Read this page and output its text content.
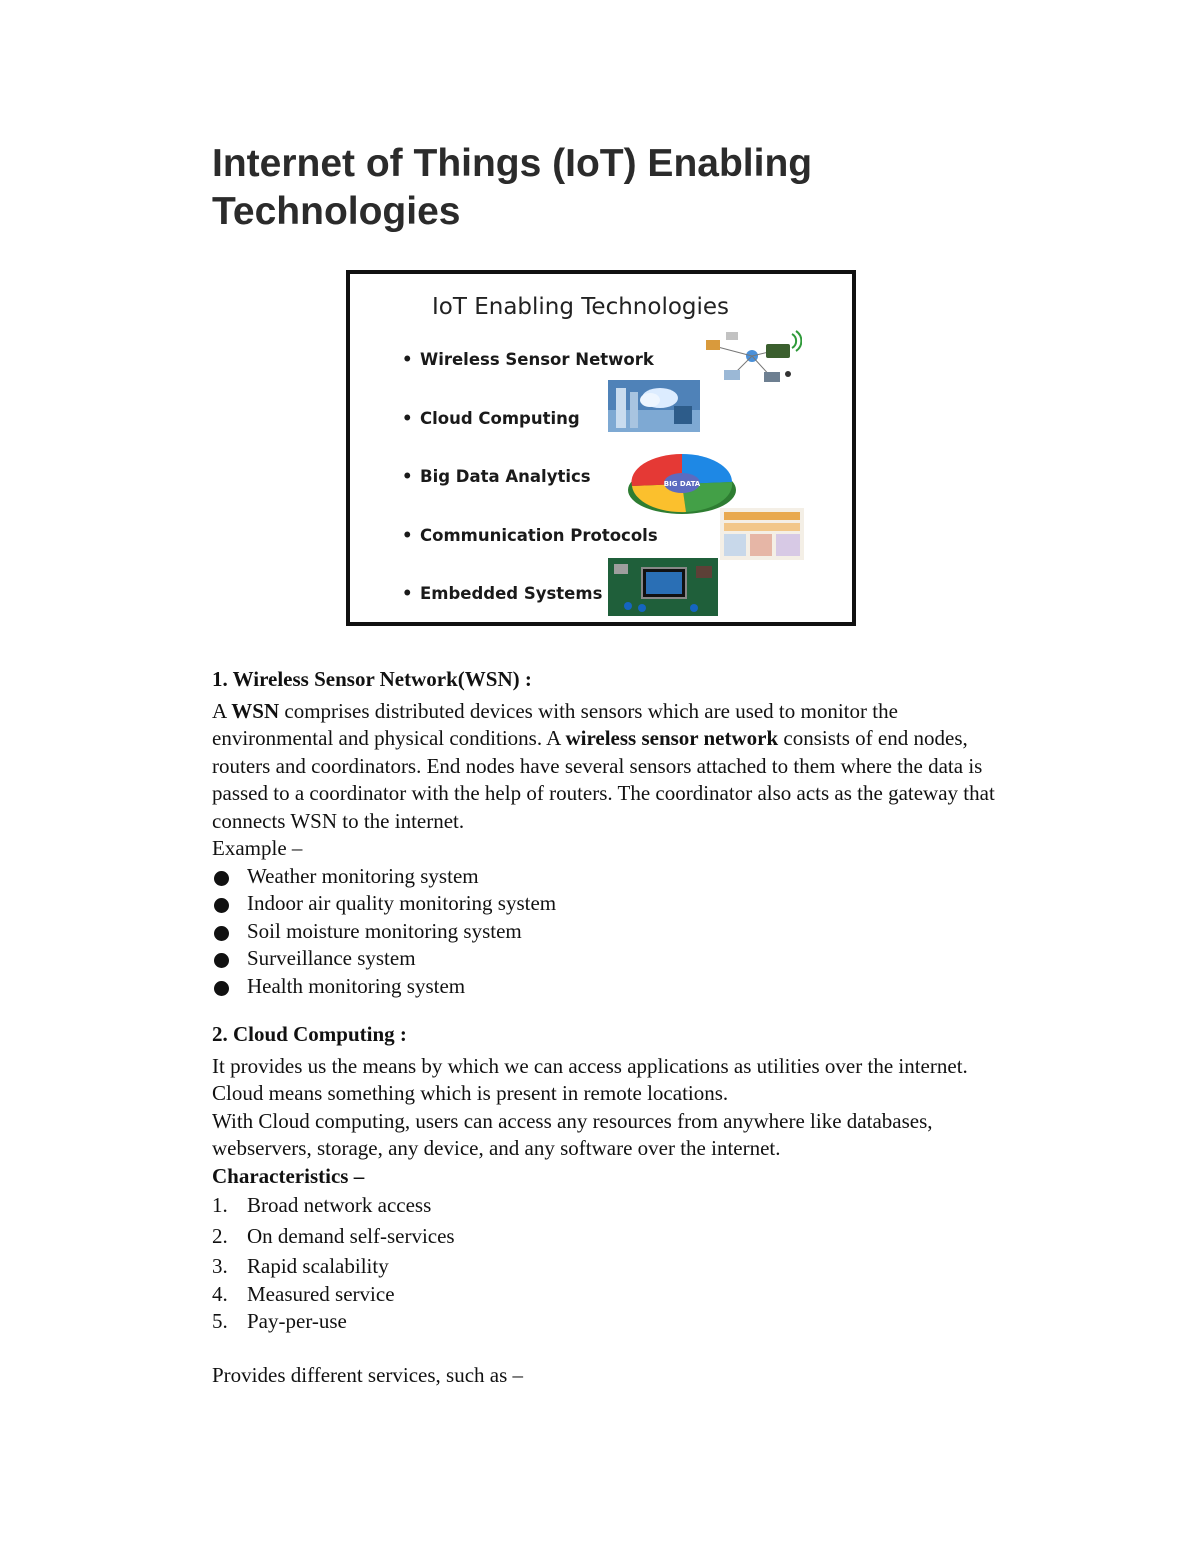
Internet of Things (IoT) Enabling Technologies
IoT Enabling Technologies
• Wireless Sensor Network
• Cloud Computing
• Big Data Analytics
• Communication Protocols
• Embedded Systems
BIG DATA

1. Wireless Sensor Network(WSN) :

A WSN comprises distributed devices with sensors which are used to monitor the environmental and physical conditions. A wireless sensor network consists of end nodes, routers and coordinators. End nodes have several sensors attached to them where the data is passed to a coordinator with the help of routers. The coordinator also acts as the gateway that connects WSN to the internet.

Example –

Weather monitoring system
Indoor air quality monitoring system
Soil moisture monitoring system
Surveillance system
Health monitoring system

2. Cloud Computing :

It provides us the means by which we can access applications as utilities over the internet. Cloud means something which is present in remote locations.

With Cloud computing, users can access any resources from anywhere like databases, webservers, storage, any device, and any software over the internet.

Characteristics –

1. Broad network access
2. On demand self-services
3. Rapid scalability
4. Measured service
5. Pay-per-use

Provides different services, such as –
